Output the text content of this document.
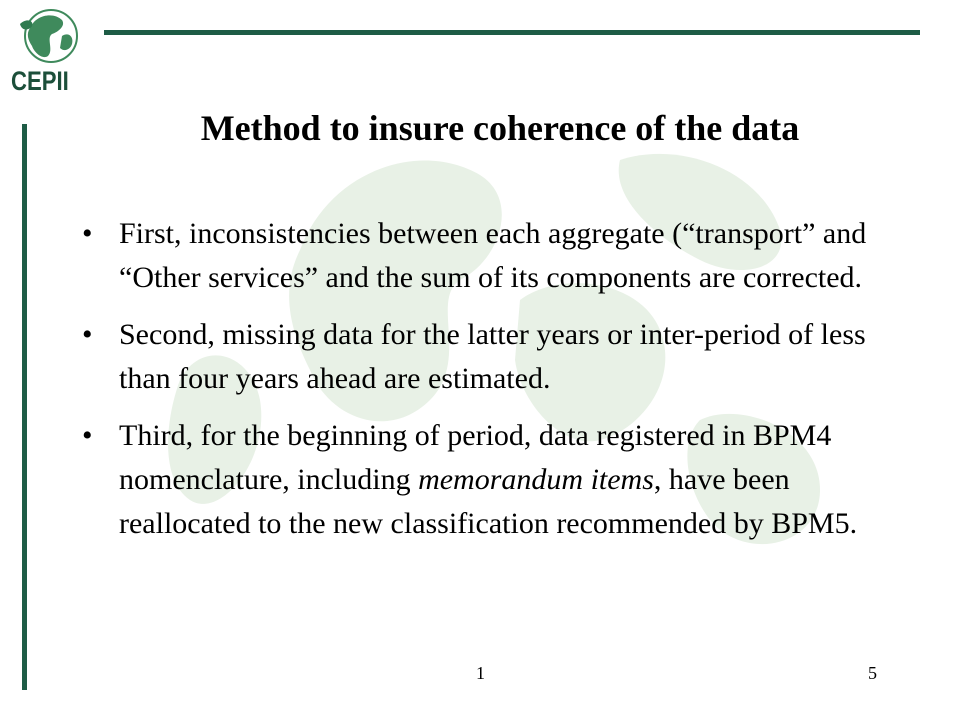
CEPII
Method to insure coherence of the data
• First, inconsistencies between each aggregate (“transport” and “Other services” and the sum of its components are corrected.
• Second, missing data for the latter years or inter-period of less than four years ahead are estimated.
• Third, for the beginning of period, data registered in BPM4 nomenclature, including memorandum items, have been reallocated to the new classification recommended by BPM5.
1	5
